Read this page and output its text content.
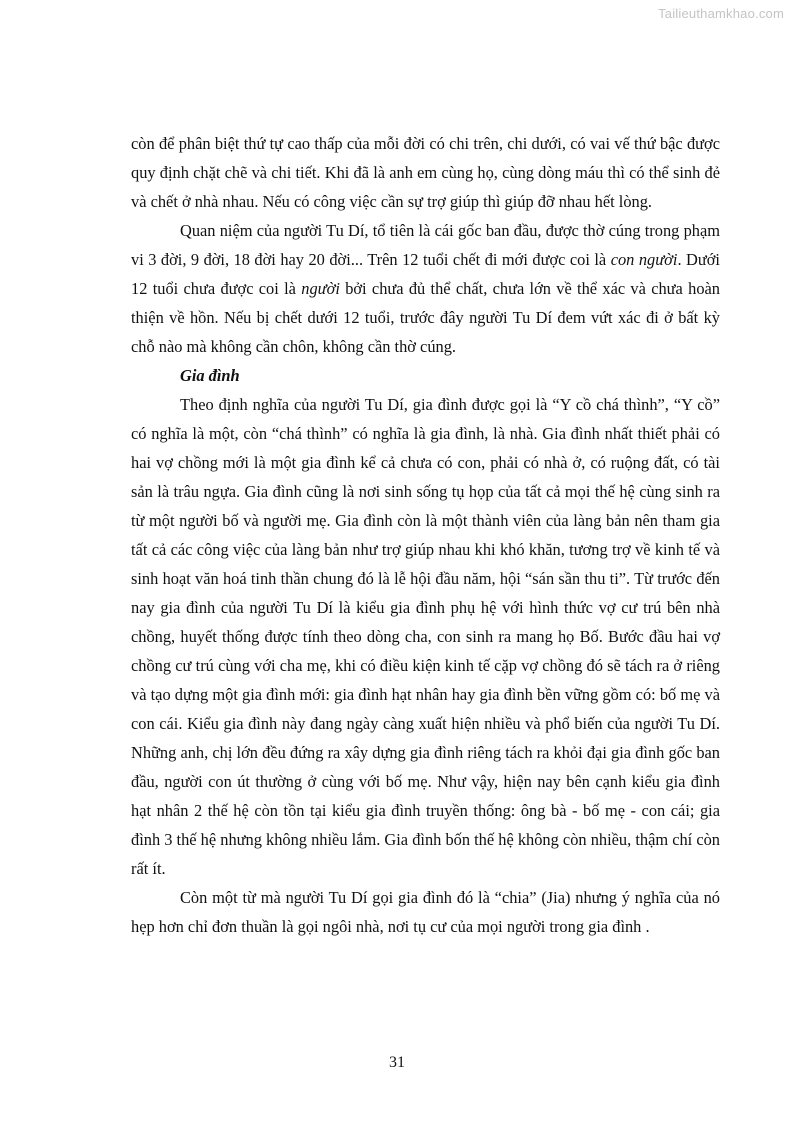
Tailieuthamkhao.com

còn để phân biệt thứ tự cao thấp của mỗi đời có chi trên, chi dưới, có vai vế thứ bậc được quy định chặt chẽ và chi tiết. Khi đã là anh em cùng họ, cùng dòng máu thì có thể sinh đẻ và chết ở nhà nhau. Nếu có công việc cần sự trợ giúp thì giúp đỡ nhau hết lòng.

Quan niệm của người Tu Dí, tổ tiên là cái gốc ban đầu, được thờ cúng trong phạm vi 3 đời, 9 đời, 18 đời hay 20 đời... Trên 12 tuổi chết đi mới được coi là con người. Dưới 12 tuổi chưa được coi là người bởi chưa đủ thể chất, chưa lớn về thể xác và chưa hoàn thiện về hồn. Nếu bị chết dưới 12 tuổi, trước đây người Tu Dí đem vứt xác đi ở bất kỳ chỗ nào mà không cần chôn, không cần thờ cúng.

Gia đình

Theo định nghĩa của người Tu Dí, gia đình được gọi là “Y cồ chá thình”, “Y cồ” có nghĩa là một, còn “chá thình” có nghĩa là gia đình, là nhà. Gia đình nhất thiết phải có hai vợ chồng mới là một gia đình kể cả chưa có con, phải có nhà ở, có ruộng đất, có tài sản là trâu ngựa. Gia đình cũng là nơi sinh sống tụ họp của tất cả mọi thế hệ cùng sinh ra từ một người bố và người mẹ. Gia đình còn là một thành viên của làng bản nên tham gia tất cả các công việc của làng bản như trợ giúp nhau khi khó khăn, tương trợ về kinh tế và sinh hoạt văn hoá tinh thần chung đó là lễ hội đầu năm, hội “sán sần thu ti”. Từ trước đến nay gia đình của người Tu Dí là kiểu gia đình phụ hệ với hình thức vợ cư trú bên nhà chồng, huyết thống được tính theo dòng cha, con sinh ra mang họ Bố. Bước đầu hai vợ chồng cư trú cùng với cha mẹ, khi có điều kiện kinh tế cặp vợ chồng đó sẽ tách ra ở riêng và tạo dựng một gia đình mới: gia đình hạt nhân hay gia đình bền vững gồm có: bố mẹ và con cái. Kiểu gia đình này đang ngày càng xuất hiện nhiều và phổ biến của người Tu Dí. Những anh, chị lớn đều đứng ra xây dựng gia đình riêng tách ra khỏi đại gia đình gốc ban đầu, người con út thường ở cùng với bố mẹ. Như vậy, hiện nay bên cạnh kiểu gia đình hạt nhân 2 thế hệ còn tồn tại kiểu gia đình truyền thống: ông bà - bố mẹ - con cái; gia đình 3 thế hệ nhưng không nhiều lắm. Gia đình bốn thế hệ không còn nhiều, thậm chí còn rất ít.

Còn một từ mà người Tu Dí gọi gia đình đó là “chia” (Jia) nhưng ý nghĩa của nó hẹp hơn chỉ đơn thuần là gọi ngôi nhà, nơi tụ cư của mọi người trong gia đình .

31
